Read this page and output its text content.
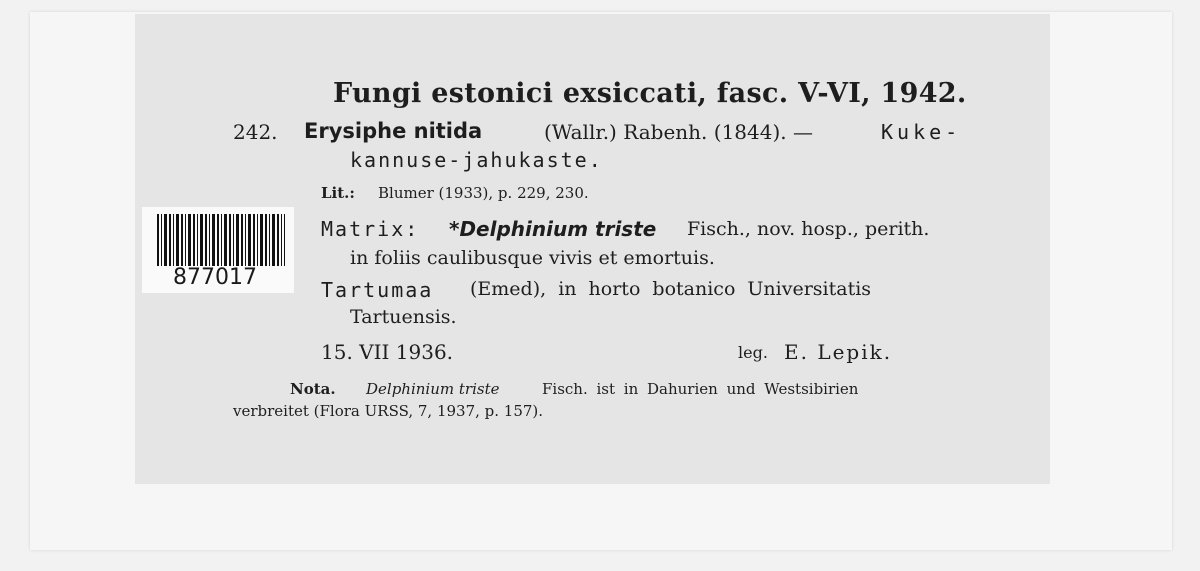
Fungi estonici exsiccati, fasc. V-VI, 1942.
242. Erysiphe nitida	(Wallr.) Rabenh. (1844). —	Kuke-
kannuse-jahukaste.
Lit.: Blumer (1933), p. 229, 230.
877017
Matrix: *Delphinium triste Fisch., nov. hosp., perith.
in foliis caulibusque vivis et emortuis.
Tartumaa (Emed), in horto botanico Universitatis
Tartuensis.
15. VII 1936.	leg. E. Lepik.
Nota. Delphinium triste	Fisch. ist in Dahurien und Westsibirien
verbreitet (Flora URSS, 7, 1937, p. 157).
